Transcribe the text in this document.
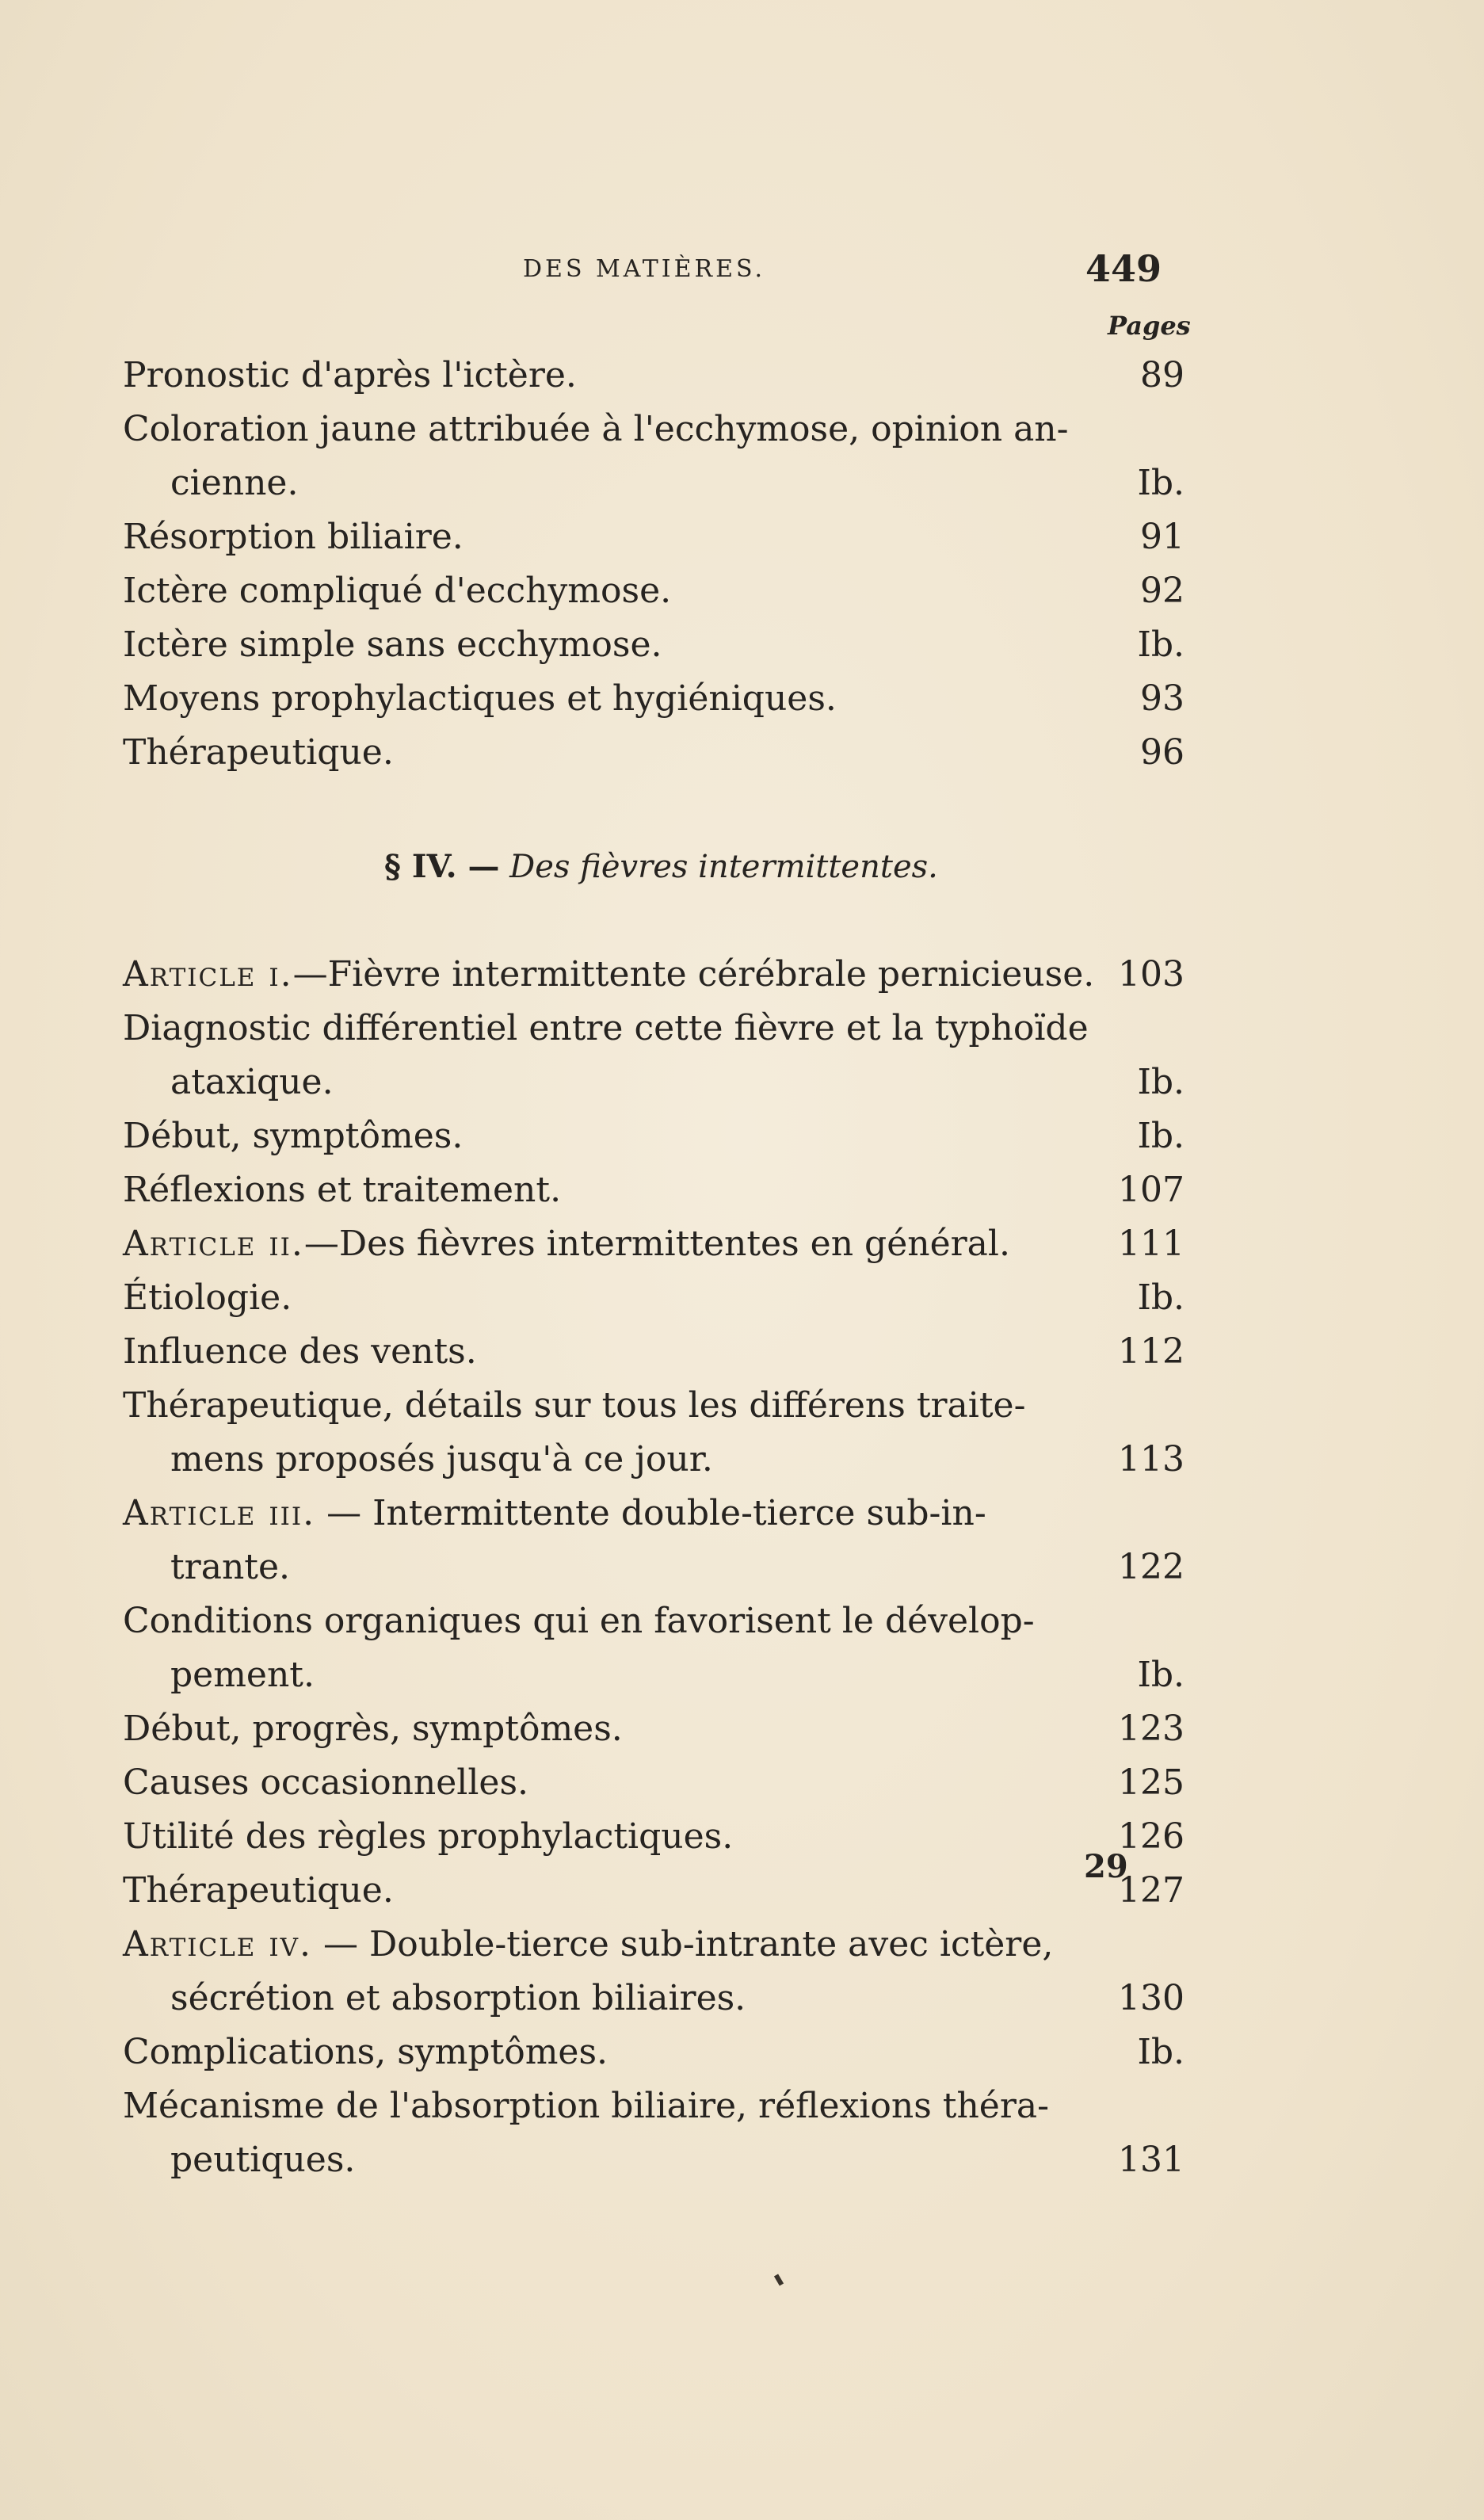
DES MATIÈRES.	449
Pages
Pronostic d'après l'ictère.	89
Coloration jaune attribuée à l'ecchymose, opinion an-
cienne.	Ib.
Résorption biliaire.	91
Ictère compliqué d'ecchymose.	92
Ictère simple sans ecchymose.	Ib.
Moyens prophylactiques et hygiéniques.	93
Thérapeutique.	96
§ IV. — Des fièvres intermittentes.
Article i.—Fièvre intermittente cérébrale pernicieuse. 103
Diagnostic différentiel entre cette fièvre et la typhoïde
ataxique.	Ib.
Début, symptômes.	Ib.
Réflexions et traitement.	107
Article ii.—Des fièvres intermittentes en général.	111
Étiologie.	Ib.
Influence des vents.	112
Thérapeutique, détails sur tous les différens traite-
mens proposés jusqu'à ce jour.	113
Article iii. — Intermittente double-tierce sub-in-
trante.	122
Conditions organiques qui en favorisent le dévelop-
pement.	Ib.
Début, progrès, symptômes.	123
Causes occasionnelles.	125
Utilité des règles prophylactiques.	126
Thérapeutique.	127
Article iv. — Double-tierce sub-intrante avec ictère,
sécrétion et absorption biliaires.	130
Complications, symptômes.	Ib.
Mécanisme de l'absorption biliaire, réflexions théra-
peutiques.	131
29
